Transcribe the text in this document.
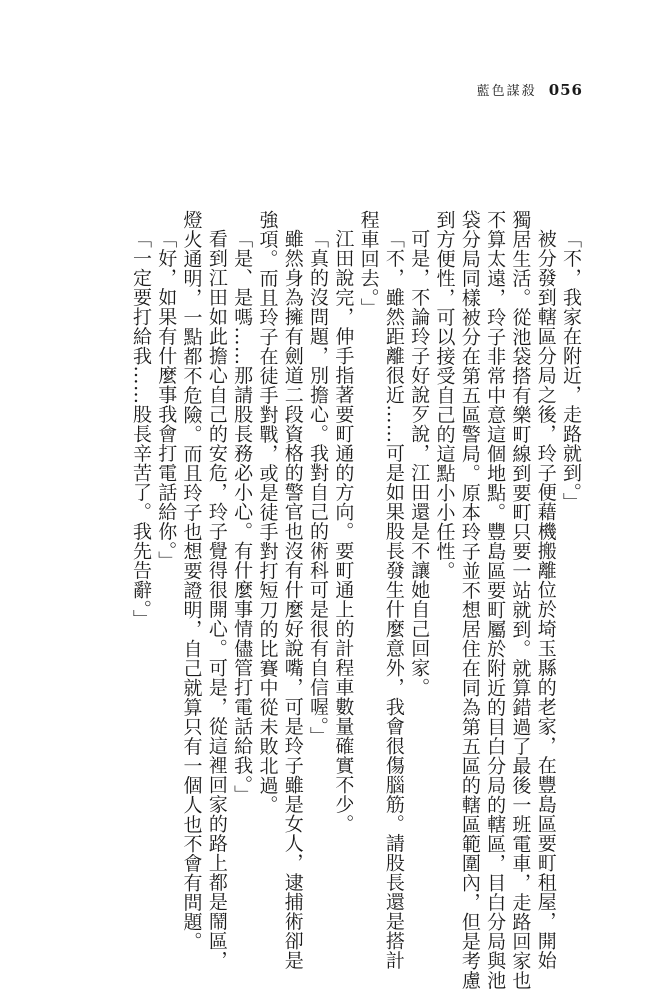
藍色謀殺 056

「不，我家在附近，走路就到。」

被分發到轄區分局之後，玲子便藉機搬離位於埼玉縣的老家，在豐島區要町租屋，開始

獨居生活。從池袋搭有樂町線到要町只要一站就到。就算錯過了最後一班電車，走路回家也

不算太遠，玲子非常中意這個地點。豐島區要町屬於附近的目白分局的轄區，目白分局與池

袋分局同樣被分在第五區警局。原本玲子並不想居住在同為第五區的轄區範圍內，但是考慮

到方便性，可以接受自己的這點小小任性。

可是，不論玲子好說歹說，江田還是不讓她自己回家。

「不，雖然距離很近……可是如果股長發生什麼意外，我會很傷腦筋。請股長還是搭計

程車回去。」

江田說完，伸手指著要町通的方向。要町通上的計程車數量確實不少。

「真的沒問題，別擔心。我對自己的術科可是很有自信喔。」

雖然身為擁有劍道二段資格的警官也沒有什麼好說嘴，可是玲子雖是女人，逮捕術卻是

強項。而且玲子在徒手對戰，或是徒手對打短刀的比賽中從未敗北過。

「是、是嗎……那請股長務必小心。有什麼事情儘管打電話給我。」

看到江田如此擔心自己的安危，玲子覺得很開心。可是，從這裡回家的路上都是鬧區，

燈火通明，一點都不危險。而且玲子也想要證明，自己就算只有一個人也不會有問題。

「好，如果有什麼事我會打電話給你。」

「一定要打給我……股長辛苦了。我先告辭。」
